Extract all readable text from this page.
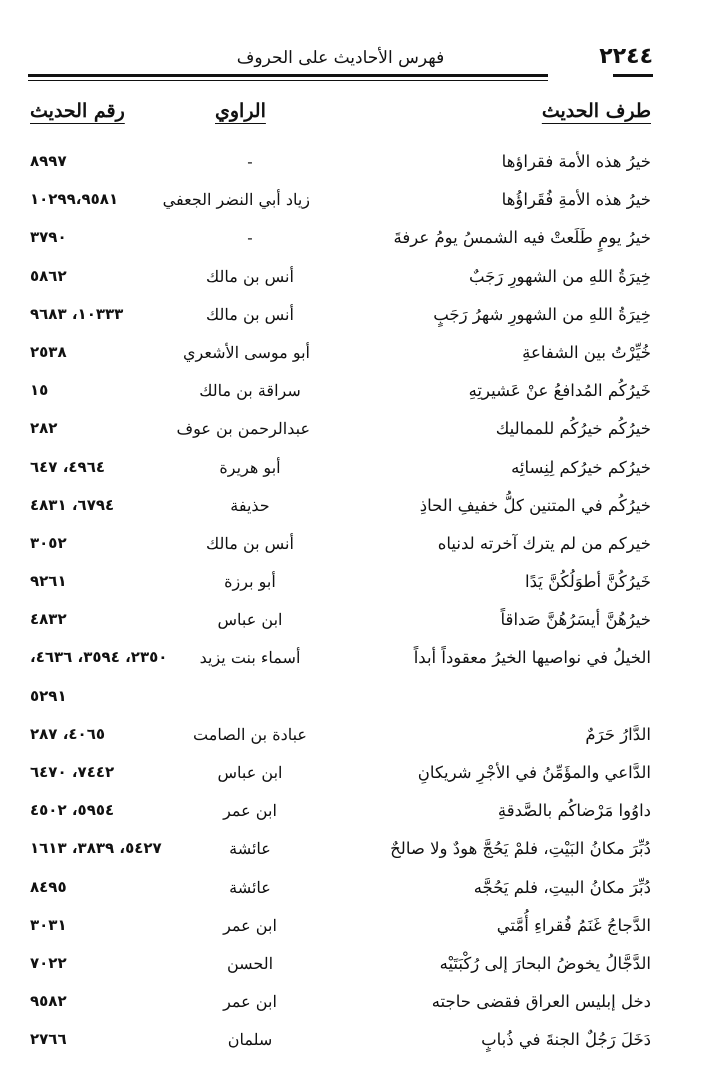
٢٢٤٤
فهرس الأحاديث على الحروف
طرف الحديث
الراوي
رقم الحديث
خيرُ هذه الأمة فقراؤها
-
٨٩٩٧
خيرُ هذه الأمةِ فُقَراؤُها
زياد أبي النضر الجعفي
١٠٢٩٩،٩٥٨١
خيرُ يومٍ طَلَعتْ فيه الشمسُ يومُ عرفةَ
-
٣٧٩٠
خِيرَةُ اللهِ من الشهورِ رَجَبٌ
أنس بن مالك
٥٨٦٢
خِيرَةُ اللهِ من الشهورِ شهرُ رَجَبٍ
أنس بن مالك
١٠٣٣٣، ٩٦٨٣
خُيِّرْتُ بين الشفاعةِ
أبو موسى الأشعري
٢٥٣٨
خَيرُكُم المُدافعُ عنْ عَشيرتِهِ
سراقة بن مالك
١٥
خيرُكُم خيرُكُم للمماليك
عبدالرحمن بن عوف
٢٨٢
خيرُكم خيرُكم لِنِسائِه
أبو هريرة
٤٩٦٤، ٦٤٧
خيرُكُم في المتنين كلُّ خفيفِ الحاذِ
حذيفة
٦٧٩٤، ٤٨٣١
خيركم من لم يترك آخرته لدنياه
أنس بن مالك
٣٠٥٢
خَيرُكُنَّ أطوَلُكُنَّ يَدًا
أبو برزة
٩٢٦١
خيرُهُنَّ أيسَرُهُنَّ صَداقاً
ابن عباس
٤٨٣٢
الخيلُ في نواصيها الخيرُ معقوداً أبداً
أسماء بنت يزيد
٢٣٥٠، ٣٥٩٤، ٤٦٣٦،
٥٢٩١
الدَّارُ حَرَمٌ
عبادة بن الصامت
٤٠٦٥، ٢٨٧
الدَّاعي والمؤَمِّنُ في الأجْرِ شريكانِ
ابن عباس
٧٤٤٢، ٦٤٧٠
داوُوا مَرْضاكُم بالصَّدقةِ
ابن عمر
٥٩٥٤، ٤٥٠٢
دُبِّرَ مكانُ البَيْتِ، فلمْ يَحُجَّ هودٌ ولا صالحٌ
عائشة
٥٤٢٧، ٣٨٣٩، ١٦١٣
دُبِّرَ مكانُ البيتِ، فلم يَحُجَّه
عائشة
٨٤٩٥
الدَّجاجُ غَنَمُ فُقراءِ أُمَّتي
ابن عمر
٣٠٣١
الدَّجَّالُ يخوضُ البحارَ إلى رُكْبَتَيْه
الحسن
٧٠٢٢
دخل إبليس العراق فقضى حاجته
ابن عمر
٩٥٨٢
دَخَلَ رَجُلٌ الجنةَ في ذُبابٍ
سلمان
٢٧٦٦
